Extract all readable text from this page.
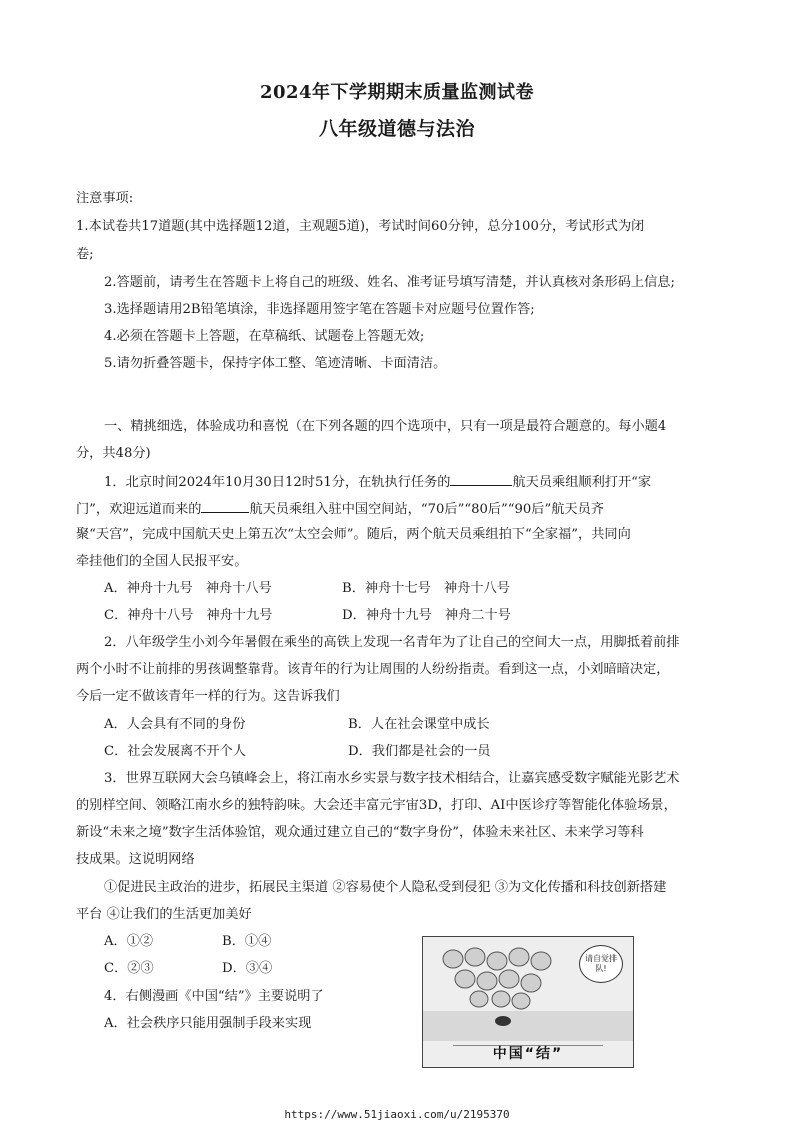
2024年下学期期末质量监测试卷
八年级道德与法治
注意事项:
1.本试卷共17道题(其中选择题12道，主观题5道)，考试时间60分钟，总分100分，考试形式为闭
卷;
2.答题前，请考生在答题卡上将自己的班级、姓名、准考证号填写清楚，并认真核对条形码上信息;
3.选择题请用2B铅笔填涂，非选择题用签字笔在答题卡对应题号位置作答;
4.必须在答题卡上答题，在草稿纸、试题卷上答题无效;
5.请勿折叠答题卡，保持字体工整、笔迹清晰、卡面清洁。
一、精挑细选，体验成功和喜悦（在下列各题的四个选项中，只有一项是最符合题意的。每小题4
分，共48分)
1．北京时间2024年10月30日12时51分，在轨执行任务的	航天员乘组顺利打开“家
门”，欢迎远道而来的	航天员乘组入驻中国空间站，“70后”“80后”“90后”航天员齐
聚“天宫”，完成中国航天史上第五次“太空会师”。随后，两个航天员乘组拍下“全家福”，共同向
牵挂他们的全国人民报平安。
A．神舟十九号　神舟十八号	B．神舟十七号　神舟十八号
C．神舟十八号　神舟十九号	D．神舟十九号　神舟二十号
2．八年级学生小刘今年暑假在乘坐的高铁上发现一名青年为了让自己的空间大一点，用脚抵着前排
两个小时不让前排的男孩调整靠背。该青年的行为让周围的人纷纷指责。看到这一点，小刘暗暗决定，
今后一定不做该青年一样的行为。这告诉我们
A．人会具有不同的身份	B．人在社会课堂中成长
C．社会发展离不开个人	D．我们都是社会的一员
3．世界互联网大会乌镇峰会上，将江南水乡实景与数字技术相结合，让嘉宾感受数字赋能光影艺术
的别样空间、领略江南水乡的独特韵味。大会还丰富元宇宙3D，打印、AI中医诊疗等智能化体验场景，
新设“未来之境”数字生活体验馆，观众通过建立自己的“数字身份”，体验未来社区、未来学习等科
技成果。这说明网络
①促进民主政治的进步，拓展民主渠道 ②容易使个人隐私受到侵犯 ③为文化传播和科技创新搭建
平台 ④让我们的生活更加美好
A．①②	B．①④
C．②③	D．③④
4．右侧漫画《中国“结”》主要说明了
A．社会秩序只能用强制手段来实现
请自觉排队!
中国“结”
https://www.51jiaoxi.com/u/2195370
